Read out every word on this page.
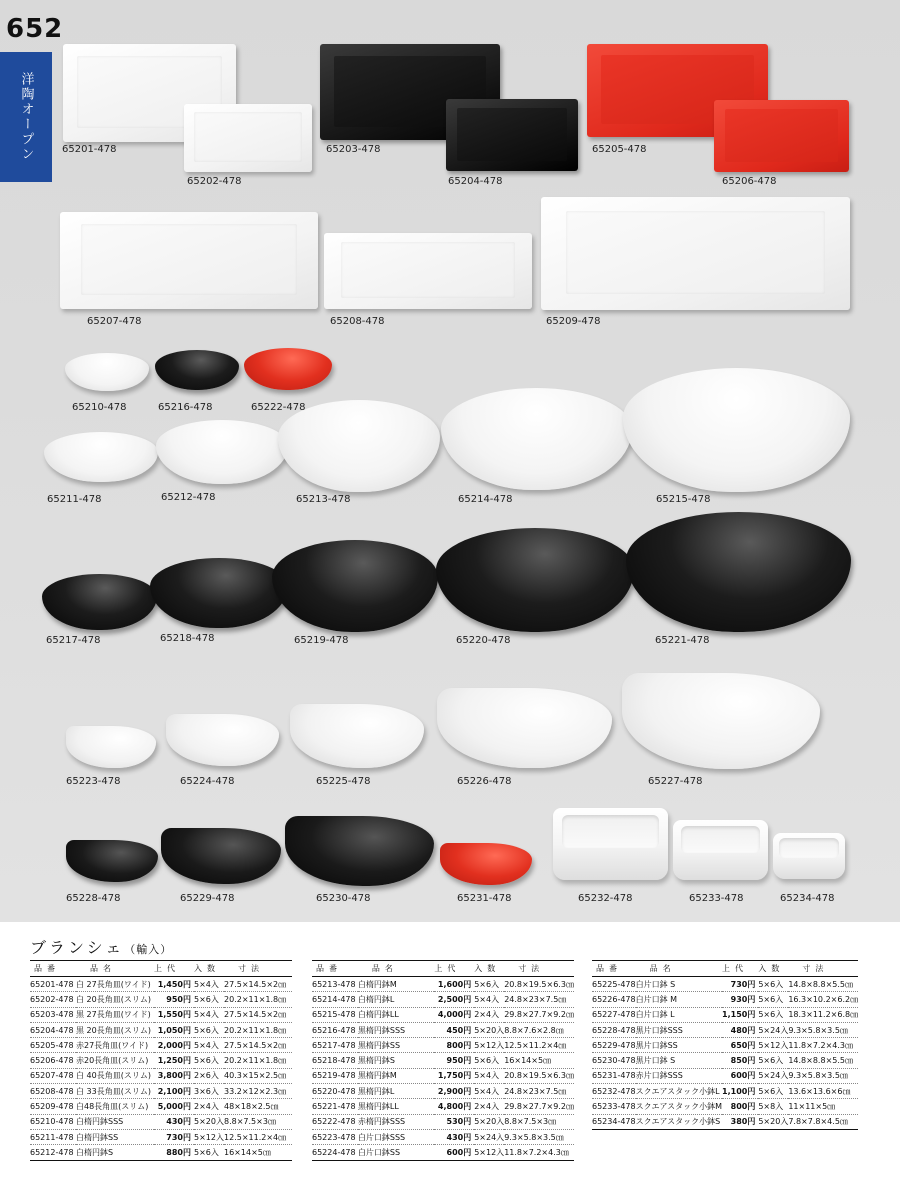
652
洋陶オープン	65201-478
65202-478
65203-478
65204-478
65205-478
65206-478
65207-478	65208-478	65209-478
65210-478	65216-478	65222-478
65211-478	65212-478	65213-478	65214-478	65215-478
65217-478	65218-478	65219-478	65220-478	65221-478
65223-478	65224-478	65225-478	65226-478	65227-478
65228-478	65229-478	65230-478	65231-478	65232-478	65233-478	65234-478
ブランシェ（輸入）
品番	品名	上代	入数	寸法
65201-478	白 27長角皿(ワイド)	1,450円	5×4入	27.5×14.5×2㎝
65202-478	白 20長角皿(スリム)	950円	5×6入	20.2×11×1.8㎝
65203-478	黒 27長角皿(ワイド)	1,550円	5×4入	27.5×14.5×2㎝
65204-478	黒 20長角皿(スリム)	1,050円	5×6入	20.2×11×1.8㎝
65205-478	赤27長角皿(ワイド)	2,000円	5×4入	27.5×14.5×2㎝
65206-478	赤20長角皿(スリム)	1,250円	5×6入	20.2×11×1.8㎝
65207-478	白 40長角皿(スリム)	3,800円	2×6入	40.3×15×2.5㎝
65208-478	白 33長角皿(スリム)	2,100円	3×6入	33.2×12×2.3㎝
65209-478	白48長角皿(スリム)	5,000円	2×4入	48×18×2.5㎝
65210-478	白楕円鉢SSS	430円	5×20入	8.8×7.5×3㎝
65211-478	白楕円鉢SS	730円	5×12入	12.5×11.2×4㎝
65212-478	白楕円鉢S	880円	5×6入	16×14×5㎝
品番	品名	上代	入数	寸法
65213-478	白楕円鉢M	1,600円	5×6入	20.8×19.5×6.3㎝
65214-478	白楕円鉢L	2,500円	5×4入	24.8×23×7.5㎝
65215-478	白楕円鉢LL	4,000円	2×4入	29.8×27.7×9.2㎝
65216-478	黒楕円鉢SSS	450円	5×20入	8.8×7.6×2.8㎝
65217-478	黒楕円鉢SS	800円	5×12入	12.5×11.2×4㎝
65218-478	黒楕円鉢S	950円	5×6入	16×14×5㎝
65219-478	黒楕円鉢M	1,750円	5×4入	20.8×19.5×6.3㎝
65220-478	黒楕円鉢L	2,900円	5×4入	24.8×23×7.5㎝
65221-478	黒楕円鉢LL	4,800円	2×4入	29.8×27.7×9.2㎝
65222-478	赤楕円鉢SSS	530円	5×20入	8.8×7.5×3㎝
65223-478	白片口鉢SSS	430円	5×24入	9.3×5.8×3.5㎝
65224-478	白片口鉢SS	600円	5×12入	11.8×7.2×4.3㎝
品番	品名	上代	入数	寸法
65225-478	白片口鉢 S	730円	5×6入	14.8×8.8×5.5㎝
65226-478	白片口鉢 M	930円	5×6入	16.3×10.2×6.2㎝
65227-478	白片口鉢 L	1,150円	5×6入	18.3×11.2×6.8㎝
65228-478	黒片口鉢SSS	480円	5×24入	9.3×5.8×3.5㎝
65229-478	黒片口鉢SS	650円	5×12入	11.8×7.2×4.3㎝
65230-478	黒片口鉢 S	850円	5×6入	14.8×8.8×5.5㎝
65231-478	赤片口鉢SSS	600円	5×24入	9.3×5.8×3.5㎝
65232-478	スクエアスタック小鉢L	1,100円	5×6入	13.6×13.6×6㎝
65233-478	スクエアスタック小鉢M	800円	5×8入	11×11×5㎝
65234-478	スクエアスタック小鉢S	380円	5×20入	7.8×7.8×4.5㎝
